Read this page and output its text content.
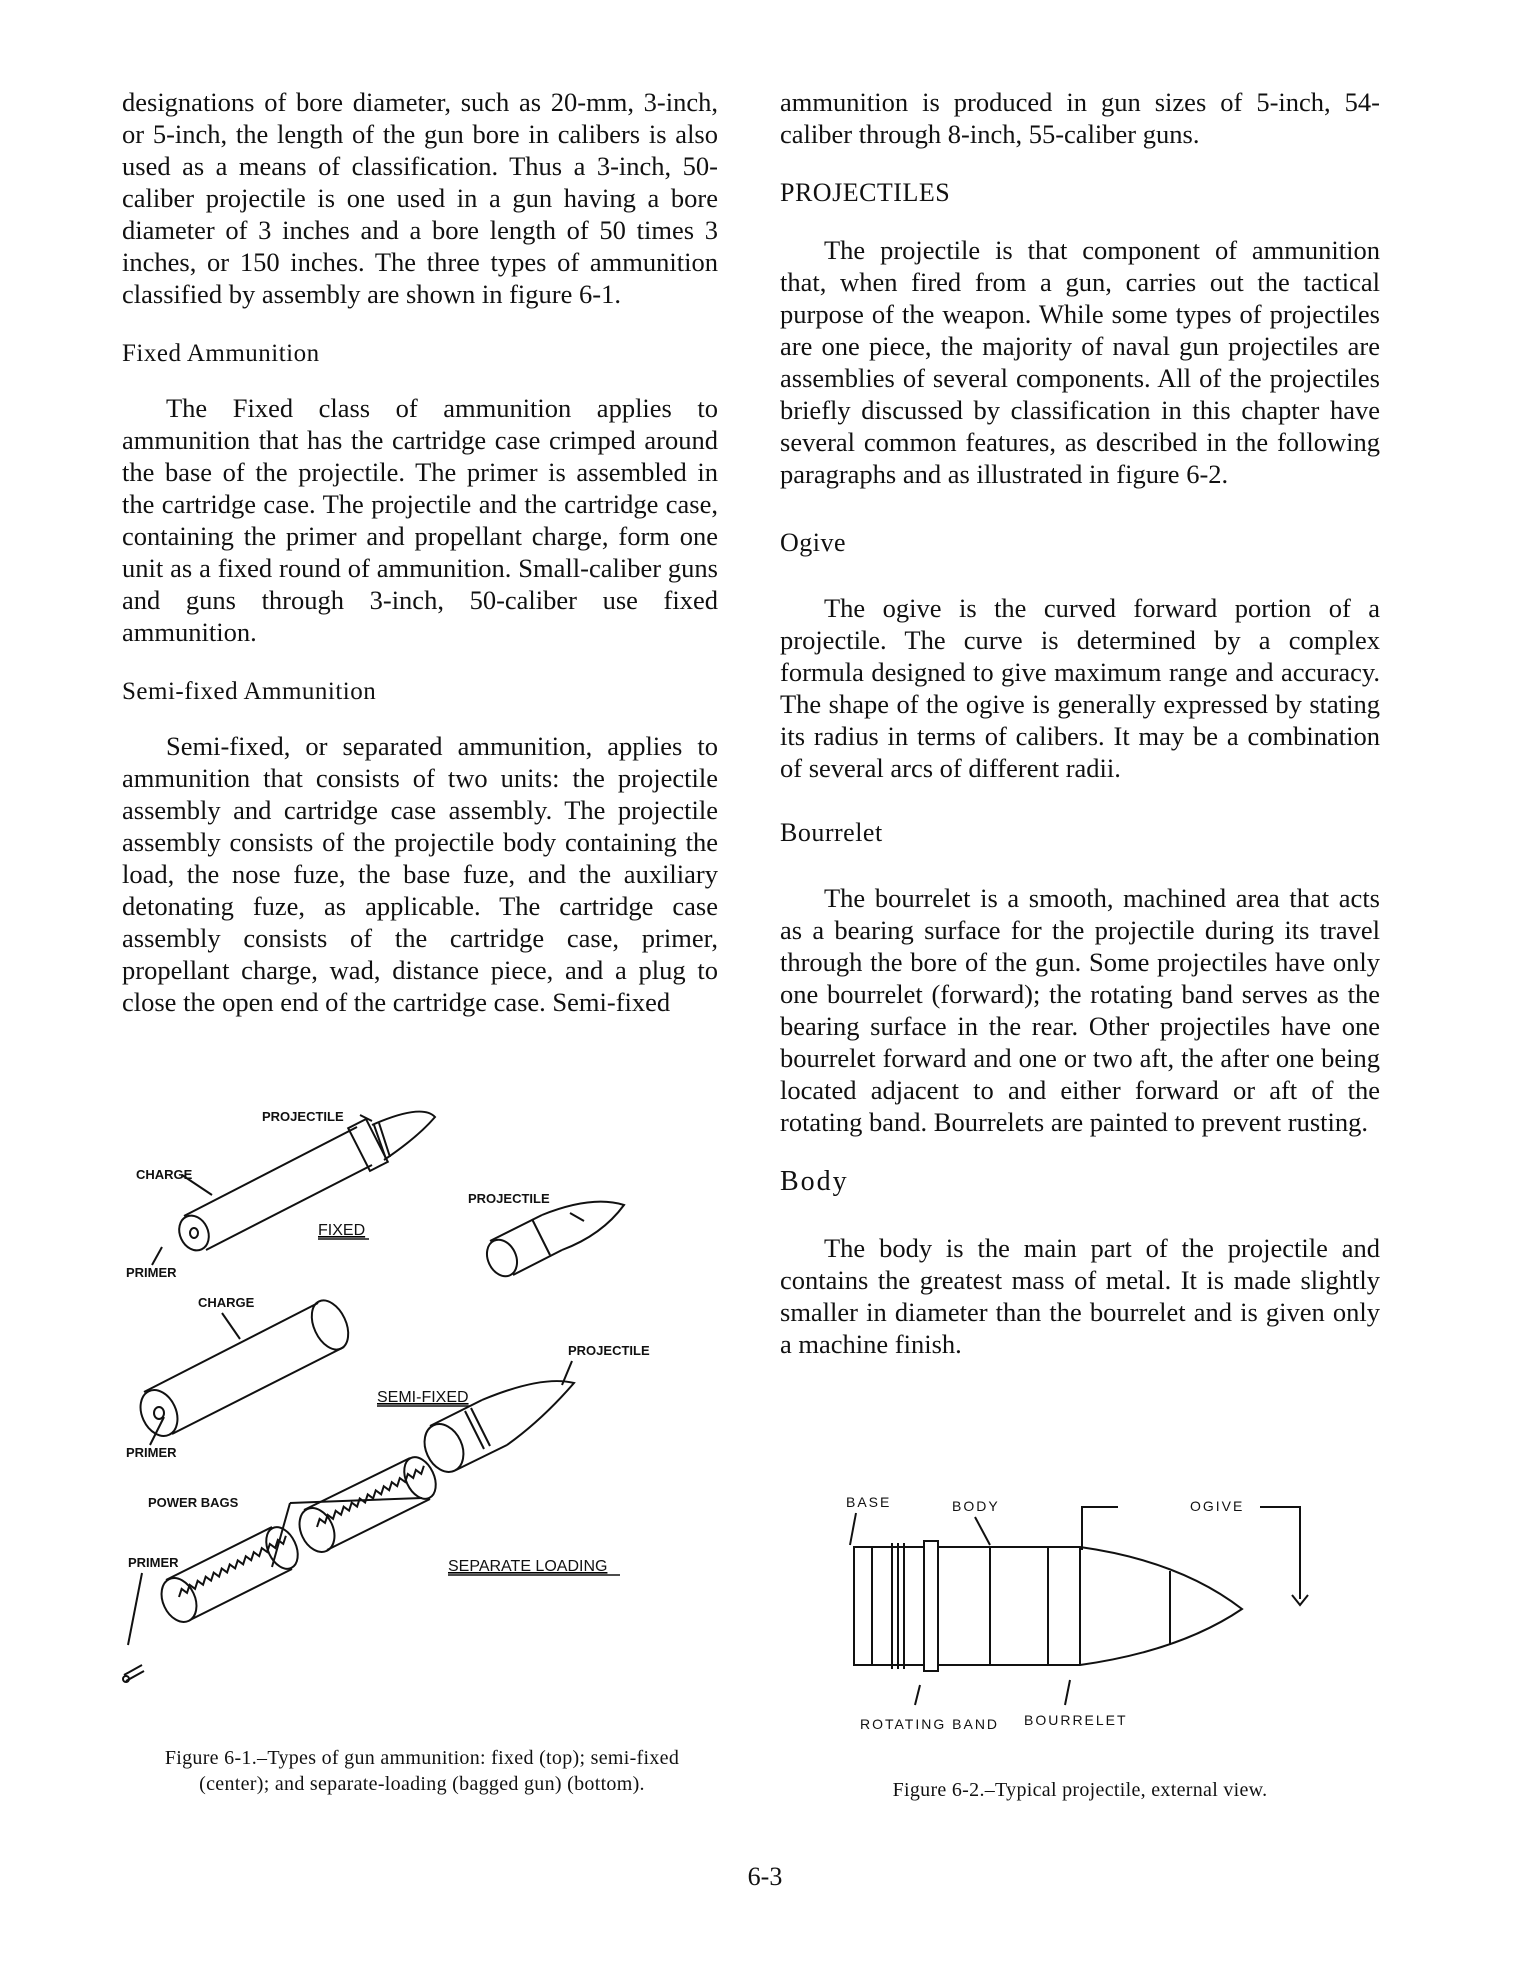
designations of bore diameter, such as 20-mm, 3-inch, or 5-inch, the length of the gun bore in calibers is also used as a means of classification. Thus a 3-inch, 50-caliber projectile is one used in a gun having a bore diameter of 3 inches and a bore length of 50 times 3 inches, or 150 inches. The three types of ammunition classified by assembly are shown in figure 6-1.

Fixed Ammunition

The Fixed class of ammunition applies to ammunition that has the cartridge case crimped around the base of the projectile. The primer is assembled in the cartridge case. The projectile and the cartridge case, containing the primer and propellant charge, form one unit as a fixed round of ammunition. Small-caliber guns and guns through 3-inch, 50-caliber use fixed ammunition.

Semi-fixed Ammunition

Semi-fixed, or separated ammunition, applies to ammunition that consists of two units: the projectile assembly and cartridge case assembly. The projectile assembly consists of the projectile body containing the load, the nose fuze, the base fuze, and the auxiliary detonating fuze, as applicable. The cartridge case assembly consists of the cartridge case, primer, propellant charge, wad, distance piece, and a plug to close the open end of the cartridge case. Semi-fixed

PROJECTILE
CHARGE
PRIMER
PROJECTILE
CHARGE
PROJECTILE
PRIMER
POWER BAGS
PRIMER
FIXED
SEMI-FIXED
SEPARATE LOADING
Figure 6-1.–Types of gun ammunition: fixed (top); semi-fixed
(center); and separate-loading (bagged gun) (bottom).

ammunition is produced in gun sizes of 5-inch, 54-caliber through 8-inch, 55-caliber guns.

PROJECTILES

The projectile is that component of ammunition that, when fired from a gun, carries out the tactical purpose of the weapon. While some types of projectiles are one piece, the majority of naval gun projectiles are assemblies of several components. All of the projectiles briefly discussed by classification in this chapter have several common features, as described in the following paragraphs and as illustrated in figure 6-2.

Ogive

The ogive is the curved forward portion of a projectile. The curve is determined by a complex formula designed to give maximum range and accuracy. The shape of the ogive is generally expressed by stating its radius in terms of calibers. It may be a combination of several arcs of different radii.

Bourrelet

The bourrelet is a smooth, machined area that acts as a bearing surface for the projectile during its travel through the bore of the gun. Some projectiles have only one bourrelet (forward); the rotating band serves as the bearing surface in the rear. Other projectiles have one bourrelet forward and one or two aft, the after one being located adjacent to and either forward or aft of the rotating band. Bourrelets are painted to prevent rusting.

Body

The body is the main part of the projectile and contains the greatest mass of metal. It is made slightly smaller in diameter than the bourrelet and is given only a machine finish.

BASE	BODY	OGIVE
ROTATING BAND BOURRELET
Figure 6-2.–Typical projectile, external view.
6-3
